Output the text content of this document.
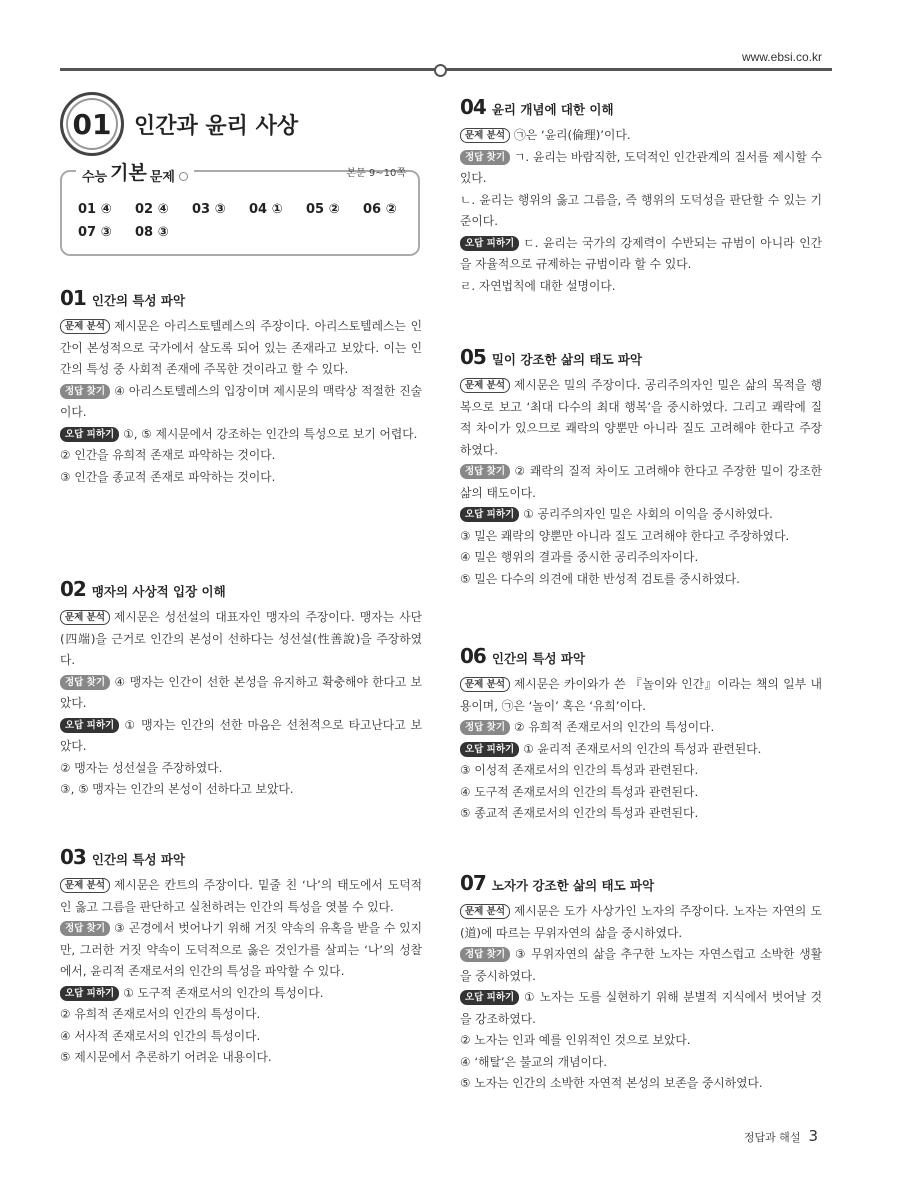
www.ebsi.co.kr
01	인간과 윤리 사상
수능 기본 문제	본문 9~10쪽
01 ④	02 ④	03 ③	04 ①	05 ②	06 ②
07 ③	08 ③
01 인간의 특성 파악

문제 분석 제시문은 아리스토텔레스의 주장이다. 아리스토텔레스는 인간이 본성적으로 국가에서 살도록 되어 있는 존재라고 보았다. 이는 인간의 특성 중 사회적 존재에 주목한 것이라고 할 수 있다.

정답 찾기 ④ 아리스토텔레스의 입장이며 제시문의 맥락상 적절한 진술이다.

오답 피하기 ①, ⑤ 제시문에서 강조하는 인간의 특성으로 보기 어렵다.

② 인간을 유희적 존재로 파악하는 것이다.

③ 인간을 종교적 존재로 파악하는 것이다.

02 맹자의 사상적 입장 이해

문제 분석 제시문은 성선설의 대표자인 맹자의 주장이다. 맹자는 사단(四端)을 근거로 인간의 본성이 선하다는 성선설(性善說)을 주장하였다.

정답 찾기 ④ 맹자는 인간이 선한 본성을 유지하고 확충해야 한다고 보았다.

오답 피하기 ① 맹자는 인간의 선한 마음은 선천적으로 타고난다고 보았다.

② 맹자는 성선설을 주장하였다.

③, ⑤ 맹자는 인간의 본성이 선하다고 보았다.

03 인간의 특성 파악

문제 분석 제시문은 칸트의 주장이다. 밑줄 친 ‘나’의 태도에서 도덕적인 옳고 그름을 판단하고 실천하려는 인간의 특성을 엿볼 수 있다.

정답 찾기 ③ 곤경에서 벗어나기 위해 거짓 약속의 유혹을 받을 수 있지만, 그러한 거짓 약속이 도덕적으로 옳은 것인가를 살피는 ‘나’의 성찰에서, 윤리적 존재로서의 인간의 특성을 파악할 수 있다.

오답 피하기 ① 도구적 존재로서의 인간의 특성이다.

② 유희적 존재로서의 인간의 특성이다.

④ 서사적 존재로서의 인간의 특성이다.

⑤ 제시문에서 추론하기 어려운 내용이다.

04 윤리 개념에 대한 이해

문제 분석 ㉠은 ‘윤리(倫理)’이다.

정답 찾기 ㄱ. 윤리는 바람직한, 도덕적인 인간관계의 질서를 제시할 수 있다.

ㄴ. 윤리는 행위의 옳고 그름을, 즉 행위의 도덕성을 판단할 수 있는 기준이다.

오답 피하기 ㄷ. 윤리는 국가의 강제력이 수반되는 규범이 아니라 인간을 자율적으로 규제하는 규범이라 할 수 있다.

ㄹ. 자연법칙에 대한 설명이다.

05 밀이 강조한 삶의 태도 파악

문제 분석 제시문은 밀의 주장이다. 공리주의자인 밀은 삶의 목적을 행복으로 보고 ‘최대 다수의 최대 행복’을 중시하였다. 그리고 쾌락에 질적 차이가 있으므로 쾌락의 양뿐만 아니라 질도 고려해야 한다고 주장하였다.

정답 찾기 ② 쾌락의 질적 차이도 고려해야 한다고 주장한 밀이 강조한 삶의 태도이다.

오답 피하기 ① 공리주의자인 밀은 사회의 이익을 중시하였다.

③ 밀은 쾌락의 양뿐만 아니라 질도 고려해야 한다고 주장하였다.

④ 밀은 행위의 결과를 중시한 공리주의자이다.

⑤ 밀은 다수의 의견에 대한 반성적 검토를 중시하였다.

06 인간의 특성 파악

문제 분석 제시문은 카이와가 쓴 『놀이와 인간』이라는 책의 일부 내용이며, ㉠은 ‘놀이’ 혹은 ‘유희’이다.

정답 찾기 ② 유희적 존재로서의 인간의 특성이다.

오답 피하기 ① 윤리적 존재로서의 인간의 특성과 관련된다.

③ 이성적 존재로서의 인간의 특성과 관련된다.

④ 도구적 존재로서의 인간의 특성과 관련된다.

⑤ 종교적 존재로서의 인간의 특성과 관련된다.

07 노자가 강조한 삶의 태도 파악

문제 분석 제시문은 도가 사상가인 노자의 주장이다. 노자는 자연의 도(道)에 따르는 무위자연의 삶을 중시하였다.

정답 찾기 ③ 무위자연의 삶을 추구한 노자는 자연스럽고 소박한 생활을 중시하였다.

오답 피하기 ① 노자는 도를 실현하기 위해 분별적 지식에서 벗어날 것을 강조하였다.

② 노자는 인과 예를 인위적인 것으로 보았다.

④ ‘해탈’은 불교의 개념이다.

⑤ 노자는 인간의 소박한 자연적 본성의 보존을 중시하였다.

정답과 해설 3
